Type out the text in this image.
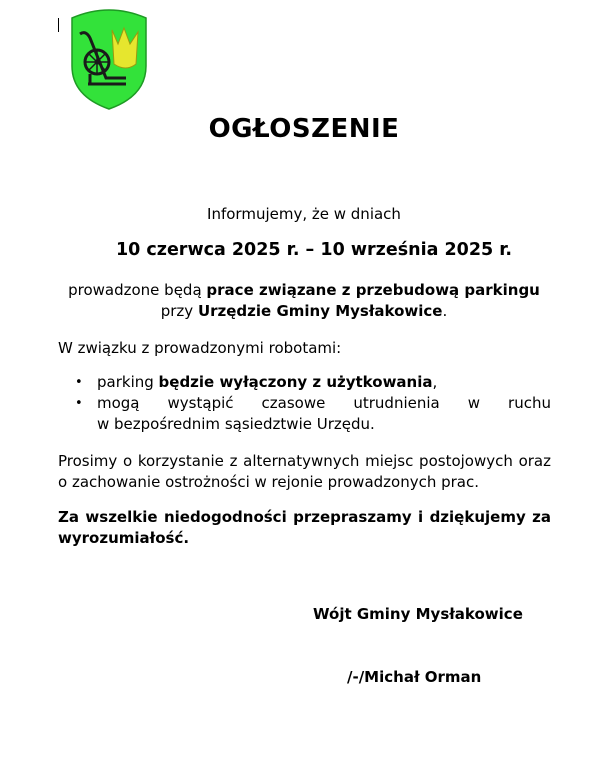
OGŁOSZENIE
Informujemy, że w dniach
10 czerwca 2025 r. – 10 września 2025 r.
prowadzone będą prace związane z przebudową parkingu
przy Urzędzie Gminy Mysłakowice.
W związku z prowadzonymi robotami:
• parking będzie wyłączony z użytkowania,
• mogą wystąpić czasowe utrudnienia w ruchu
w bezpośrednim sąsiedztwie Urzędu.
Prosimy o korzystanie z alternatywnych miejsc postojowych oraz o zachowanie ostrożności w rejonie prowadzonych prac.
Za wszelkie niedogodności przepraszamy i dziękujemy za wyrozumiałość.
Wójt Gminy Mysłakowice
/-/Michał Orman
